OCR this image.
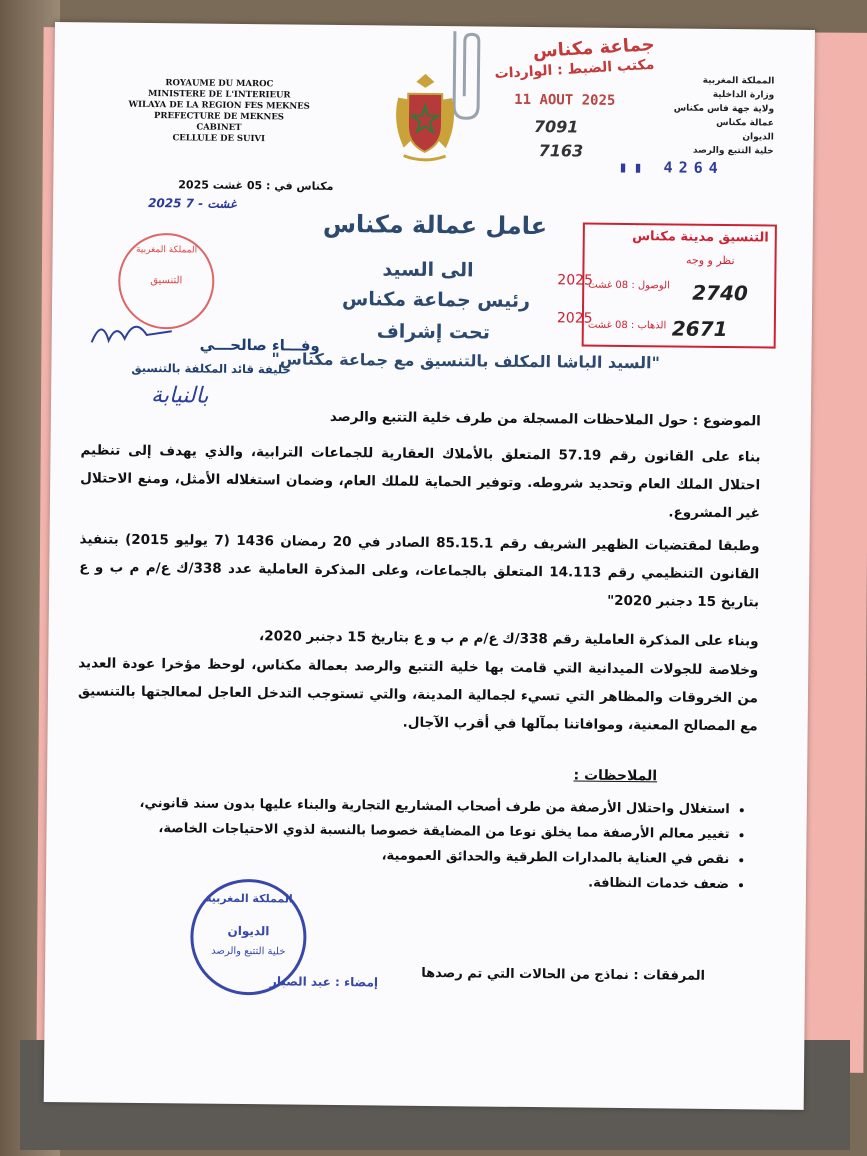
ROYAUME DU MAROC
MINISTERE DE L'INTERIEUR
WILAYA DE LA REGION FES MEKNES
PREFECTURE DE MEKNES
CABINET
CELLULE DE SUIVI
جماعة مكناس
مكتب الضبط : الواردات
11 AOUT 2025
7091
7163
المملكة المغربية
وزارة الداخلية
ولاية جهة فاس مكناس
عمالة مكناس
الديوان
خلية التتبع والرصد
▮▮ 4264
مكناس في : 05 غشت 2025
2025 غشت - 7
عامل عمالة مكناس
الى السيد
رئيس جماعة مكناس
تحت إشراف
"السيد الباشا المكلف بالتنسيق مع جماعة مكناس"
المملكة المغربية
التنسيق
وفـــاء صالحـــي
خليفة قائد المكلفة بالتنسيق
بالنيابة
التنسيق مدينة مكناس
نظر و وجه
الوصول : 08 غشت
الذهاب : 08 غشت
2025
2025
2740
2671
الموضوع : حول الملاحظات المسجلة من طرف خلية التتبع والرصد
بناء على القانون رقم 57.19 المتعلق بالأملاك العقارية للجماعات الترابية، والذي يهدف إلى تنظيم احتلال الملك العام وتحديد شروطه. وتوفير الحماية للملك العام، وضمان استغلاله الأمثل، ومنع الاحتلال غير المشروع.
وطبقا لمقتضيات الظهير الشريف رقم 85.15.1 الصادر في 20 رمضان 1436 (7 يوليو 2015) بتنفيذ القانون التنظيمي رقم 14.113 المتعلق بالجماعات، وعلى المذكرة العاملية عدد 338/ك ع/م م ب و ع بتاريخ 15 دجنبر 2020"
وبناء على المذكرة العاملية رقم 338/ك ع/م م ب و ع بتاريخ 15 دجنبر 2020،
وخلاصة للجولات الميدانية التي قامت بها خلية التتبع والرصد بعمالة مكناس، لوحظ مؤخرا عودة العديد من الخروقات والمظاهر التي تسيء لجمالية المدينة، والتي تستوجب التدخل العاجل لمعالجتها بالتنسيق مع المصالح المعنية، وموافاتنا بمآلها في أقرب الآجال.
الملاحظات :
• استغلال واحتلال الأرصفة من طرف أصحاب المشاريع التجارية والبناء عليها بدون سند قانوني،
• تغيير معالم الأرصفة مما يخلق نوعا من المضايقة خصوصا بالنسبة لذوي الاحتياجات الخاصة،
• نقص في العناية بالمدارات الطرقية والحدائق العمومية،
• ضعف خدمات النظافة.
المملكة المغربية
الديوان
خلية التتبع والرصد
إمضاء : عبد الصبار	المرفقات : نماذج من الحالات التي تم رصدها
